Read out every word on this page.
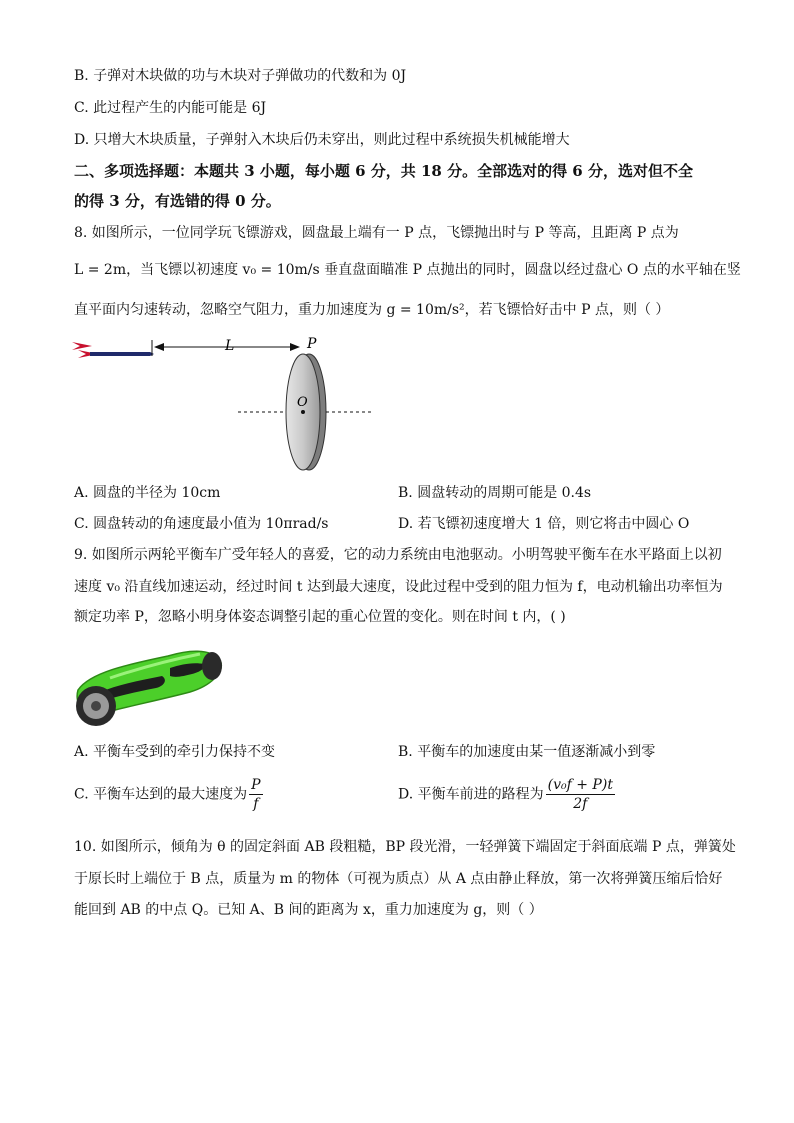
B. 子弹对木块做的功与木块对子弹做功的代数和为 0J
C. 此过程产生的内能可能是 6J
D. 只增大木块质量，子弹射入木块后仍未穿出，则此过程中系统损失机械能增大
二、多项选择题：本题共 3 小题，每小题 6 分，共 18 分。全部选对的得 6 分，选对但不全
的得 3 分，有选错的得 0 分。
8. 如图所示，一位同学玩飞镖游戏，圆盘最上端有一 P 点，飞镖抛出时与 P 等高，且距离 P 点为
L = 2m，当飞镖以初速度 v₀ = 10m/s 垂直盘面瞄准 P 点抛出的同时，圆盘以经过盘心 O 点的水平轴在竖
直平面内匀速转动，忽略空气阻力，重力加速度为 g = 10m/s²，若飞镖恰好击中 P 点，则（ ）
L	P
O
A. 圆盘的半径为 10cm	B. 圆盘转动的周期可能是 0.4s
C. 圆盘转动的角速度最小值为 10πrad/s	D. 若飞镖初速度增大 1 倍，则它将击中圆心 O
9. 如图所示两轮平衡车广受年轻人的喜爱，它的动力系统由电池驱动。小明驾驶平衡车在水平路面上以初
速度 v₀ 沿直线加速运动，经过时间 t 达到最大速度，设此过程中受到的阻力恒为 f，电动机输出功率恒为
额定功率 P，忽略小明身体姿态调整引起的重心位置的变化。则在时间 t 内，( )
A. 平衡车受到的牵引力保持不变	B. 平衡车的加速度由某一值逐渐减小到零
C. 平衡车达到的最大速度为 $\frac{P}{f}$	D. 平衡车前进的路程为 $\frac{\text{(v₀f + P)t}}{2f}$
10. 如图所示，倾角为 θ 的固定斜面 AB 段粗糙，BP 段光滑，一轻弹簧下端固定于斜面底端 P 点，弹簧处
于原长时上端位于 B 点，质量为 m 的物体（可视为质点）从 A 点由静止释放，第一次将弹簧压缩后恰好
能回到 AB 的中点 Q。已知 A、B 间的距离为 x，重力加速度为 g，则（ ）
